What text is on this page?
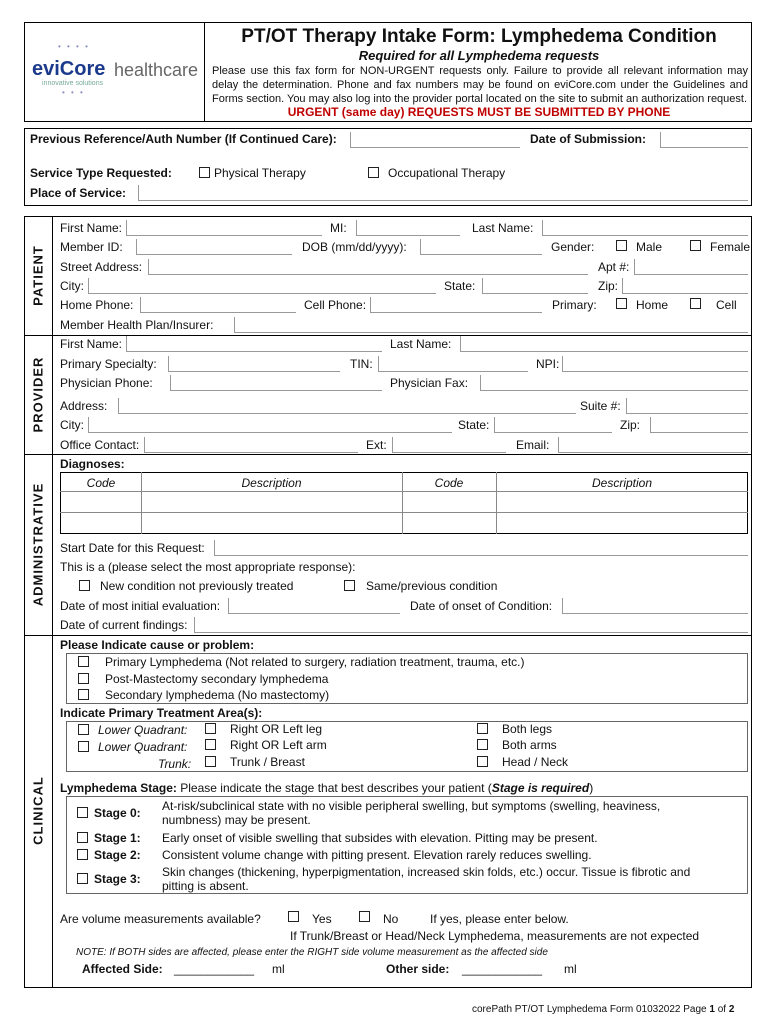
• • • •
eviCore healthcare
innovative solutions
• • •
PT/OT Therapy Intake Form: Lymphedema Condition
Required for all Lymphedema requests
Please use this fax form for NON-URGENT requests only. Failure to provide all relevant information may delay the determination. Phone and fax numbers may be found on eviCore.com under the Guidelines and Forms section. You may also log into the provider portal located on the site to submit an authorization request.
URGENT (same day) REQUESTS MUST BE SUBMITTED BY PHONE
Previous Reference/Auth Number (If Continued Care):	Date of Submission:
Service Type Requested:	Physical Therapy	Occupational Therapy
Place of Service:
PATIENT
PROVIDER
ADMINISTRATIVE
CLINICAL
First Name:	MI:	Last Name:
Member ID:	DOB (mm/dd/yyyy):	Gender:	Male	Female
Street Address:	Apt #:
City:	State:	Zip:
Home Phone:	Cell Phone:	Primary:	Home	Cell
Member Health Plan/Insurer:
First Name:	Last Name:
Primary Specialty:	TIN:	NPI:
Physician Phone:	Physician Fax:
Address:	Suite #:
City:	State:	Zip:
Office Contact:	Ext:	Email:
Diagnoses:
Code	Description	Code	Description
Start Date for this Request:
This is a (please select the most appropriate response):
New condition not previously treated	Same/previous condition
Date of most initial evaluation:	Date of onset of Condition:
Date of current findings:
Please Indicate cause or problem:
Primary Lymphedema (Not related to surgery, radiation treatment, trauma, etc.)
Post-Mastectomy secondary lymphedema
Secondary lymphedema (No mastectomy)
Indicate Primary Treatment Area(s):
Lower Quadrant:	Right OR Left leg	Both legs
Lower Quadrant:	Right OR Left arm	Both arms
Trunk:	Trunk / Breast	Head / Neck
Lymphedema Stage: Please indicate the stage that best describes your patient (Stage is required)
Stage 0: At-risk/subclinical state with no visible peripheral swelling, but symptoms (swelling, heaviness, numbness) may be present.
Stage 1: Early onset of visible swelling that subsides with elevation. Pitting may be present.
Stage 2: Consistent volume change with pitting present. Elevation rarely reduces swelling.
Stage 3: Skin changes (thickening, hyperpigmentation, increased skin folds, etc.) occur. Tissue is fibrotic and pitting is absent.
Are volume measurements available?	Yes	No	If yes, please enter below.
If Trunk/Breast or Head/Neck Lymphedema, measurements are not expected
NOTE: If BOTH sides are affected, please enter the RIGHT side volume measurement as the affected side
Affected Side: ____________ ml	Other side: ____________ ml
corePath PT/OT Lymphedema Form 01032022 Page 1 of 2
